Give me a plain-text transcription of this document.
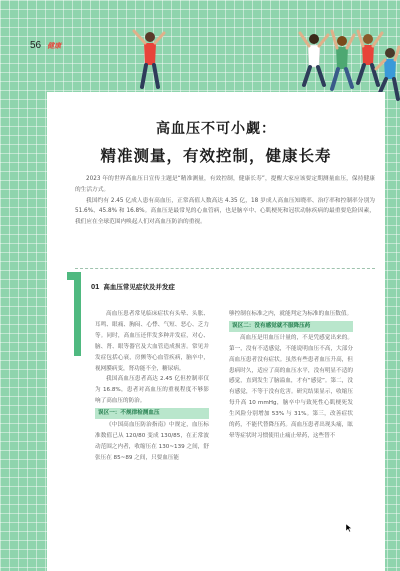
56 健康
高血压不可小觑：
精准测量，有效控制，健康长寿

2023 年的世界高血压日宣传主题是“精准测量，有效控制，健康长寿”，提醒大家应该要定期测量血压，保持健康的生活方式。

我国约有 2.45 亿成人患有高血压，正常高值人数高达 4.35 亿，18 岁成人高血压知晓率、治疗率和控制率分别为 51.6%、45.8% 和 16.8%。高血压是最常见的心血管病，也是脑卒中、心肌梗死和冠状动脉疾病的最重要危险因素，我们应在全球范围内唤起人们对高血压防治的重视。

01 高血压常见症状及并发症

高血压患者常见临床症状有头晕、头胀、耳鸣、眼痛、胸闷、心悸、气短、恶心、乏力等。同时，高血压还伴发多种并发症，对心、脑、肾、眼等器官及大血管造成损害。常见并发症包括心衰，房颤等心血管疾病，脑卒中，视网膜病变，肾功能不全，糖尿病。

我国高血压患者高达 2.45 亿但控制率仅为 16.8%，患者对高血压的重视程度不够影响了高血压的防治。

误区一：不规律检测血压

《中国高血压防治指南》中规定，血压标准数值已从 120/80 变成 130/85，在正常波动范围之内者，收缩压在 130~139 之间，舒张压在 85~89 之间，只要血压能

够控制在标准之内，就能判定为标准的血压数值。

误区二：没有感觉就不服降压药

高血压是用血压计量的，不是凭感觉出来的。第一，没有不适感觉，不能说明血压不高，大部分高血压患者没有症状。虽然有些患者血压升高，但患病时久，适应了高的血压水平，没有明显不适的感觉，直到发生了脑溢血，才有“感觉”。第二，没有感觉，不等于没有危害。研究结果显示，收缩压每升高 10 mmHg，脑卒中与致死性心肌梗死发生风险分别增加 53% 与 31%。第三，改善症状的药，不能代替降压药。高血压患者出现头痛，眩晕等症状时习惯使用止痛止晕药，这些替不
